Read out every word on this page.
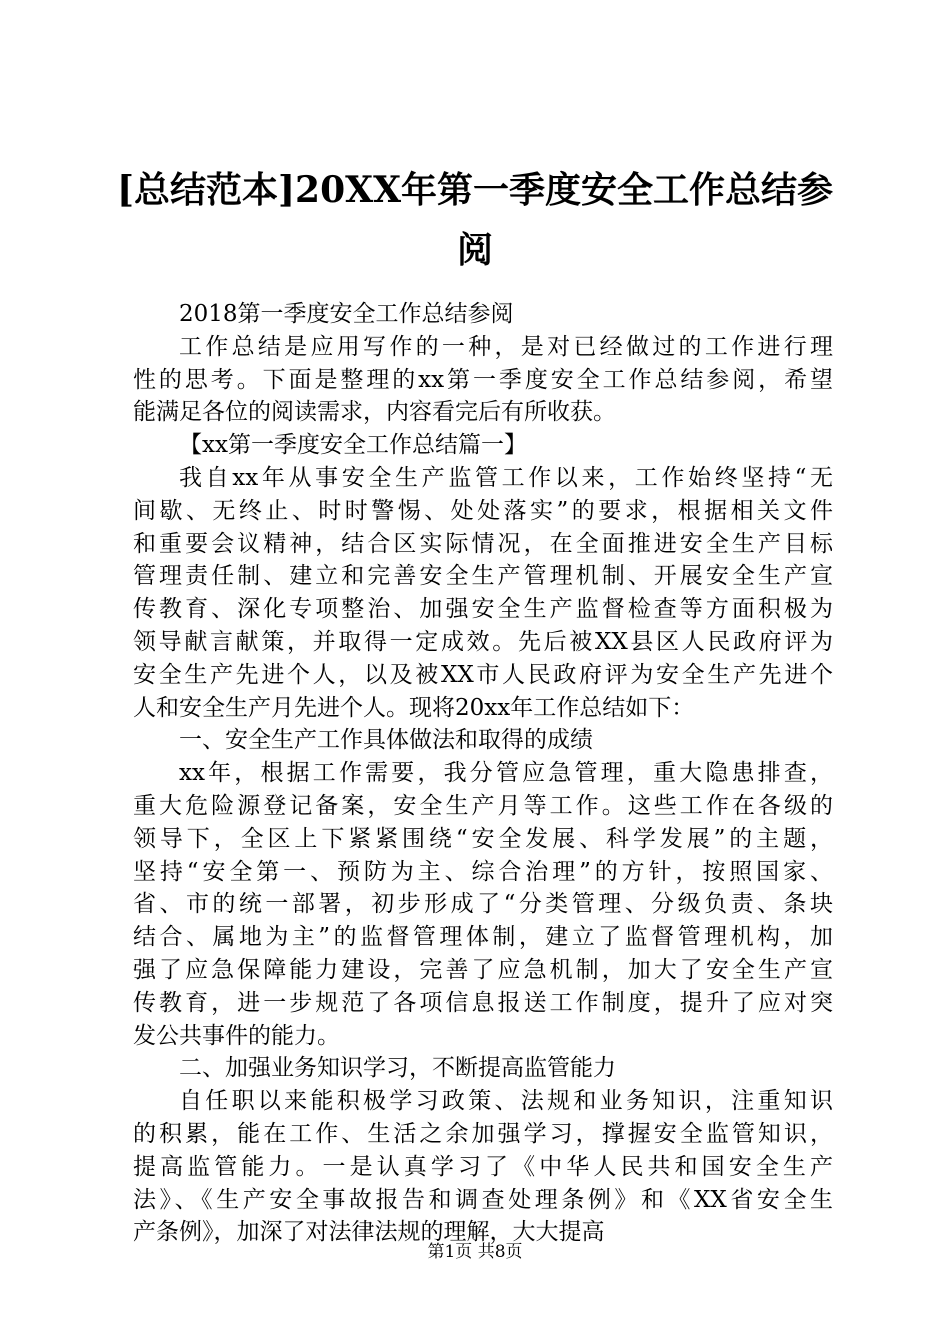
[总结范本]20XX年第一季度安全工作总结参
阅
2018第一季度安全工作总结参阅
工作总结是应用写作的一种，是对已经做过的工作进行理
性的思考。下面是整理的xx第一季度安全工作总结参阅，希望
能满足各位的阅读需求，内容看完后有所收获。
【xx第一季度安全工作总结篇一】
我自xx年从事安全生产监管工作以来，工作始终坚持“无
间歇、无终止、时时警惕、处处落实”的要求，根据相关文件
和重要会议精神，结合区实际情况，在全面推进安全生产目标
管理责任制、建立和完善安全生产管理机制、开展安全生产宣
传教育、深化专项整治、加强安全生产监督检查等方面积极为
领导献言献策，并取得一定成效。先后被XX县区人民政府评为
安全生产先进个人，以及被XX市人民政府评为安全生产先进个
人和安全生产月先进个人。现将20xx年工作总结如下：
一、安全生产工作具体做法和取得的成绩
xx年，根据工作需要，我分管应急管理，重大隐患排查，
重大危险源登记备案，安全生产月等工作。这些工作在各级的
领导下，全区上下紧紧围绕“安全发展、科学发展”的主题，
坚持“安全第一、预防为主、综合治理”的方针，按照国家、
省、市的统一部署，初步形成了“分类管理、分级负责、条块
结合、属地为主”的监督管理体制，建立了监督管理机构，加
强了应急保障能力建设，完善了应急机制，加大了安全生产宣
传教育，进一步规范了各项信息报送工作制度，提升了应对突
发公共事件的能力。
二、加强业务知识学习，不断提高监管能力
自任职以来能积极学习政策、法规和业务知识，注重知识
的积累，能在工作、生活之余加强学习，撑握安全监管知识，
提高监管能力。一是认真学习了《中华人民共和国安全生产
法》、《生产安全事故报告和调查处理条例》和《XX省安全生
产条例》，加深了对法律法规的理解，大大提高
第1页 共8页
